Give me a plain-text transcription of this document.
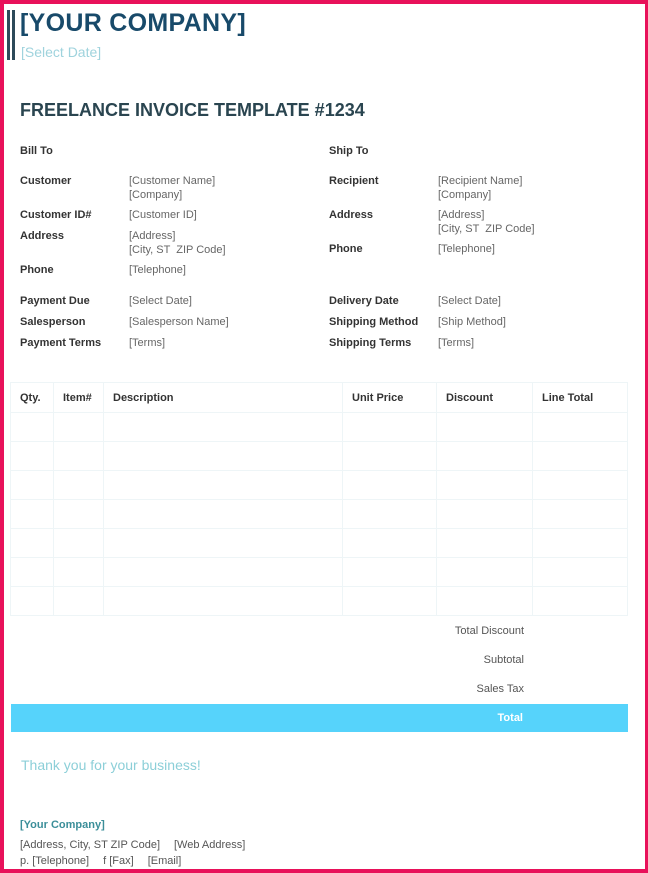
[YOUR COMPANY]
[Select Date]
FREELANCE INVOICE TEMPLATE #1234
Bill To	Ship To
Customer	[Customer Name]
[Company]
Customer ID#	[Customer ID]
Address	[Address]
[City, ST  ZIP Code]
Phone	[Telephone]
Payment Due	[Select Date]
Salesperson	[Salesperson Name]
Payment Terms	[Terms]
Recipient	[Recipient Name]
[Company]
Address	[Address]
[City, ST  ZIP Code]
Phone	[Telephone]
Delivery Date	[Select Date]
Shipping Method [Ship Method]
Shipping Terms [Terms]
Qty.	Item#	Description	Unit Price	Discount	Line Total

Total Discount
Subtotal
Sales Tax
Total
Thank you for your business!
[Your Company]
[Address, City, ST ZIP Code] [Web Address]
p. [Telephone] f [Fax] [Email]
